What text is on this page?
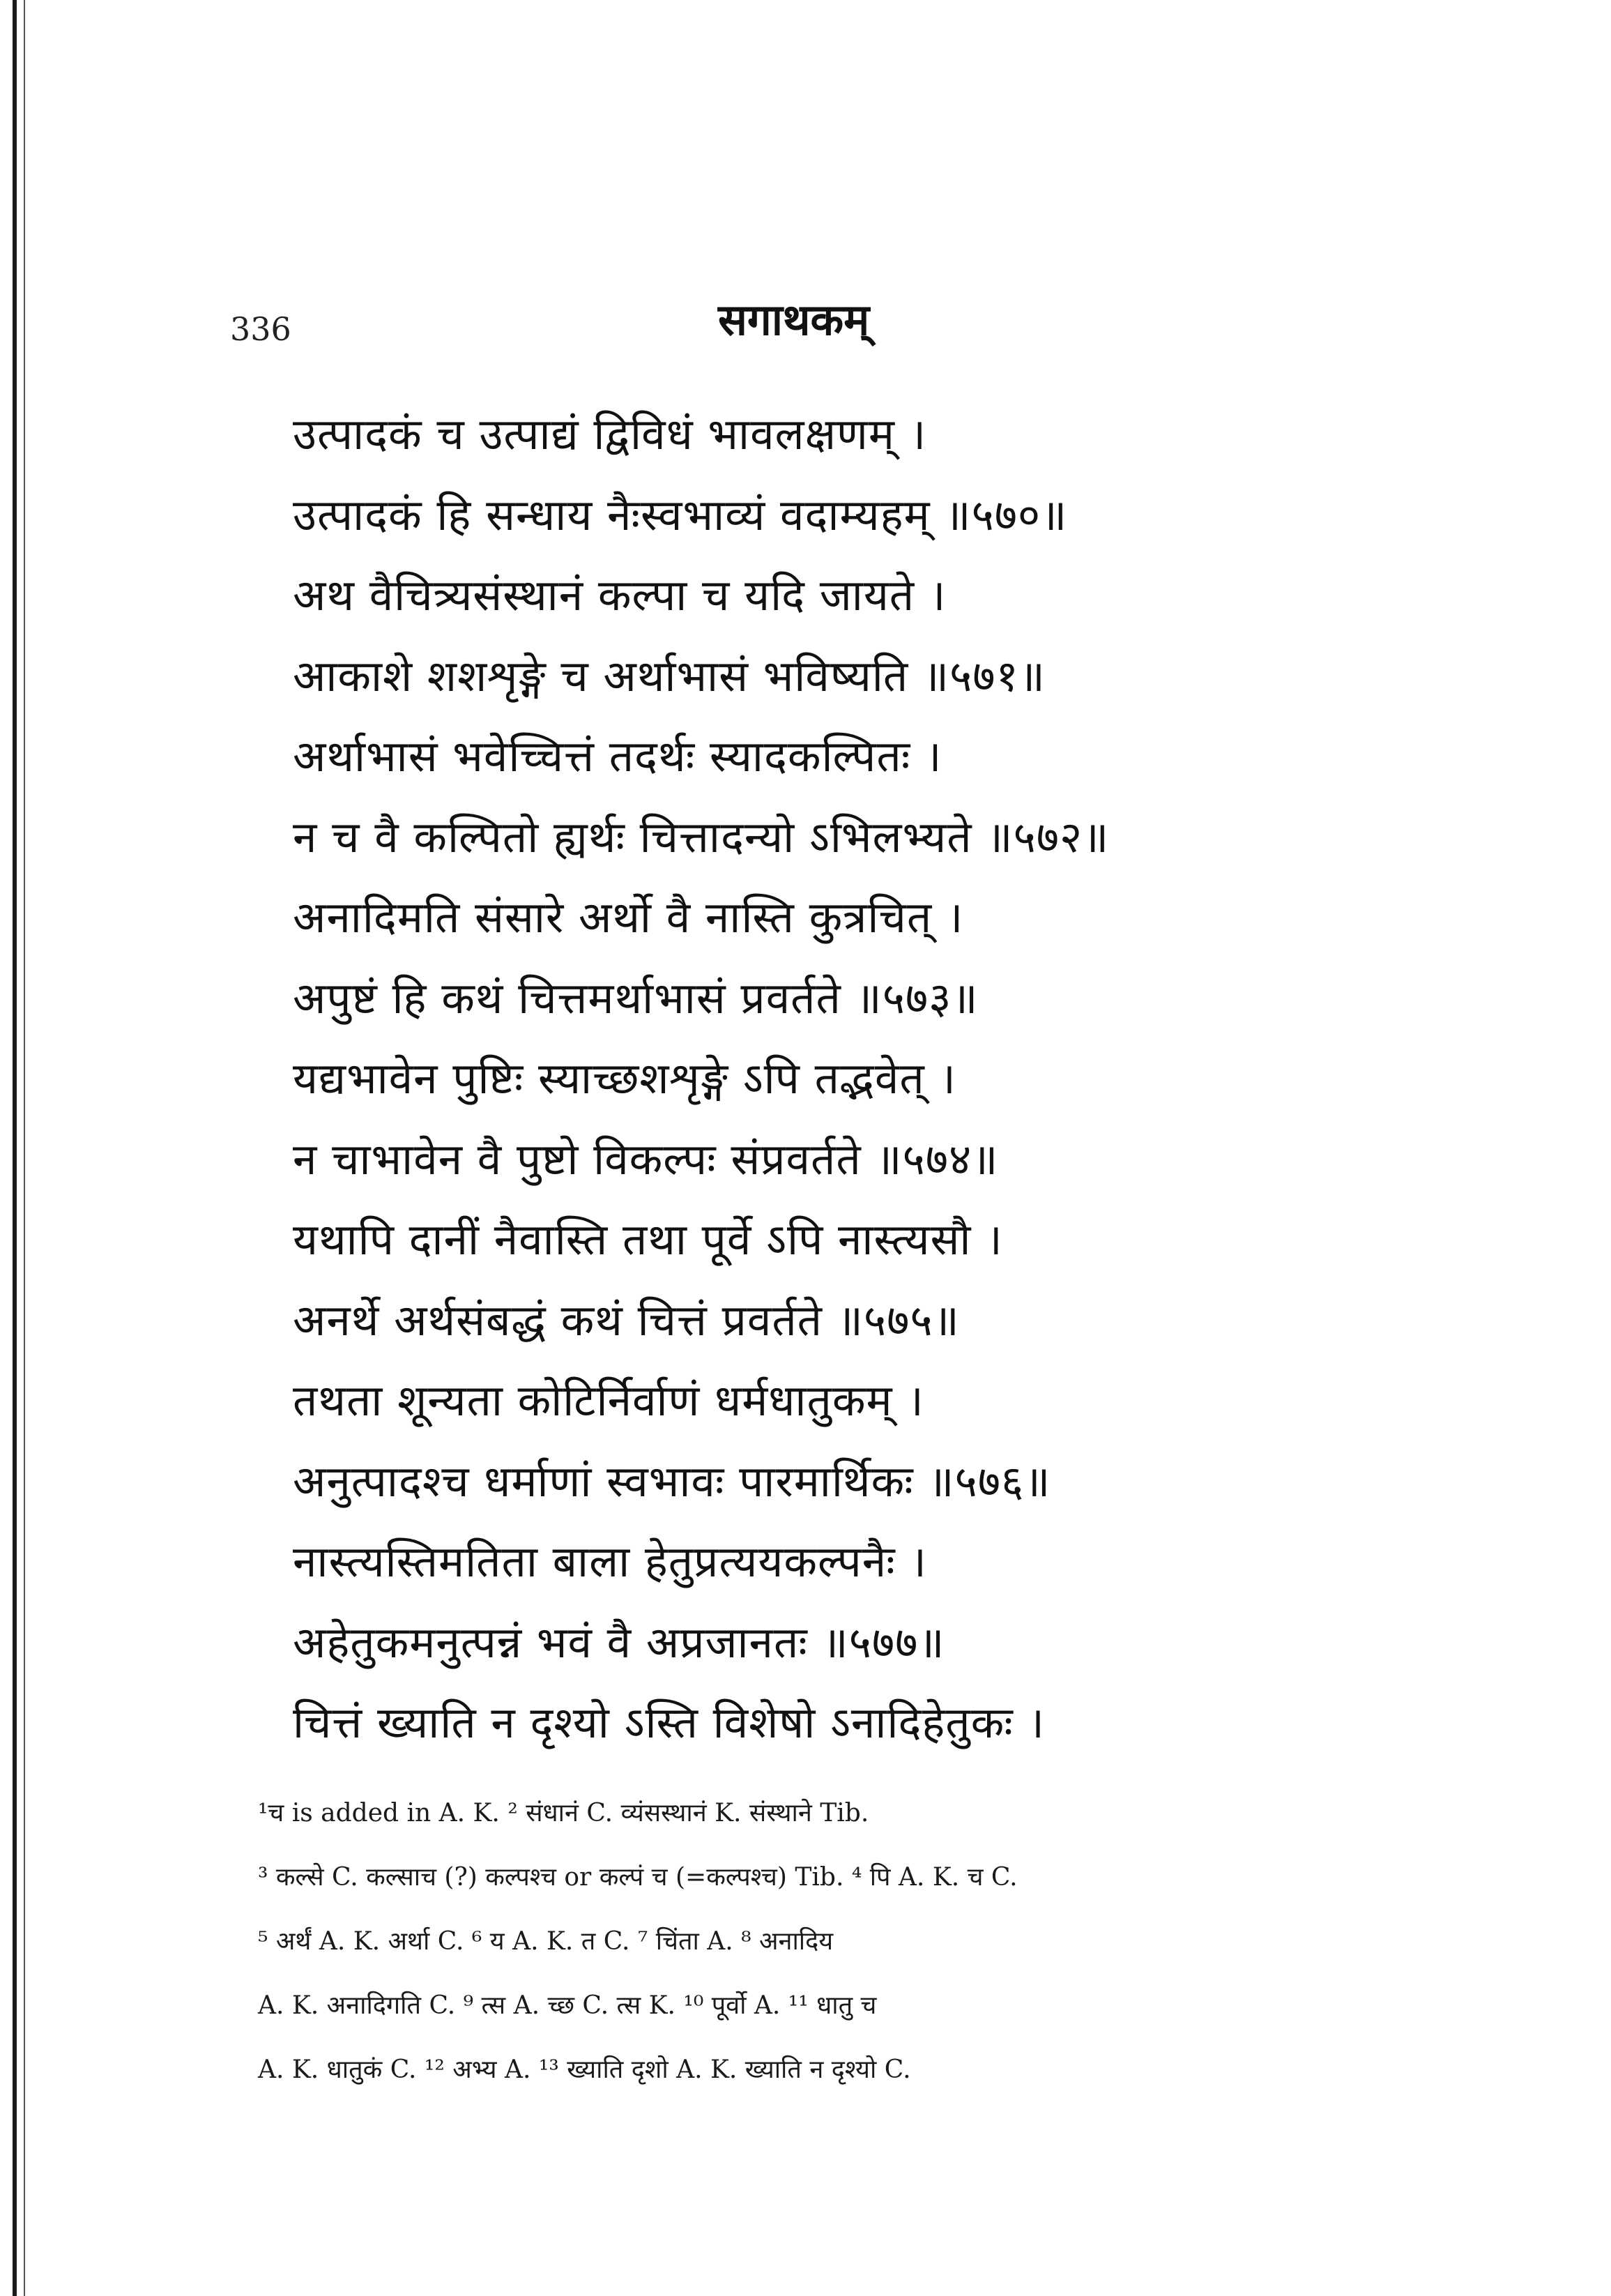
336	सगाथकम्
उत्पादकं च उत्पाद्यं द्विविधं भावलक्षणम् ।
उत्पादकं हि सन्धाय नैःस्वभाव्यं वदाम्यहम् ॥५७०॥
अथ वैचित्र्यसंस्थानं कल्पा च यदि जायते ।
आकाशे शशशृङ्गे च अर्थाभासं भविष्यति ॥५७१॥
अर्थाभासं भवेच्चित्तं तदर्थः स्यादकल्पितः ।
न च वै कल्पितो ह्यर्थः चित्तादन्यो ऽभिलभ्यते ॥५७२॥
अनादिमति संसारे अर्थो वै नास्ति कुत्रचित् ।
अपुष्टं हि कथं चित्तमर्थाभासं प्रवर्तते ॥५७३॥
यद्यभावेन पुष्टिः स्याच्छशशृङ्गे ऽपि तद्भवेत् ।
न चाभावेन वै पुष्टो विकल्पः संप्रवर्तते ॥५७४॥
यथापि दानीं नैवास्ति तथा पूर्वे ऽपि नास्त्यसौ ।
अनर्थे अर्थसंबद्धं कथं चित्तं प्रवर्तते ॥५७५॥
तथता शून्यता कोटिर्निर्वाणं धर्मधातुकम् ।
अनुत्पादश्च धर्माणां स्वभावः पारमार्थिकः ॥५७६॥
नास्त्यस्तिमतिता बाला हेतुप्रत्ययकल्पनैः ।
अहेतुकमनुत्पन्नं भवं वै अप्रजानतः ॥५७७॥
चित्तं ख्याति न दृश्यो ऽस्ति विशेषो ऽनादिहेतुकः ।
¹च is added in A. K. ² संधानं C. व्यंसस्थानं K. संस्थाने Tib.
³ कल्से C. कल्साच (?) कल्पश्च or कल्पं च (=कल्पश्च) Tib. ⁴ पि A. K. च C.
⁵ अर्थं A. K. अर्था C. ⁶ य A. K. त C. ⁷ चिंता A. ⁸ अनादिय
A. K. अनादिगति C. ⁹ त्स A. च्छ C. त्स K. ¹⁰ पूर्वो A. ¹¹ धातु च
A. K. धातुकं C. ¹² अभ्य A. ¹³ ख्याति दृशो A. K. ख्याति न दृश्यो C.
